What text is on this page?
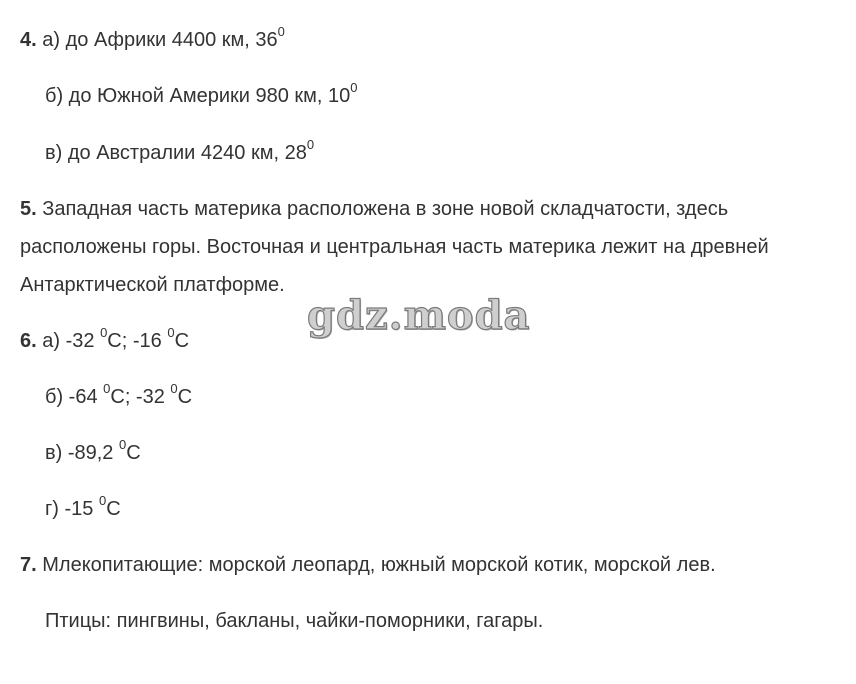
4. а) до Африки 4400 км, $36^0$
б) до Южной Америки 980 км, $10^0$
в) до Австралии 4240 км, $28^0$
5. Западная часть материка расположена в зоне новой складчатости, здесь
расположены горы. Восточная и центральная часть материка лежит на древней
Антарктической платформе.
gdz.moda
6. а) -32 $^0$С; -16 $^0$С
б) -64 $^0$С; -32 $^0$С
в) -89,2 $^0$С
г) -15 $^0$С
7. Млекопитающие: морской леопард, южный морской котик, морской лев.
Птицы: пингвины, бакланы, чайки-поморники, гагары.
